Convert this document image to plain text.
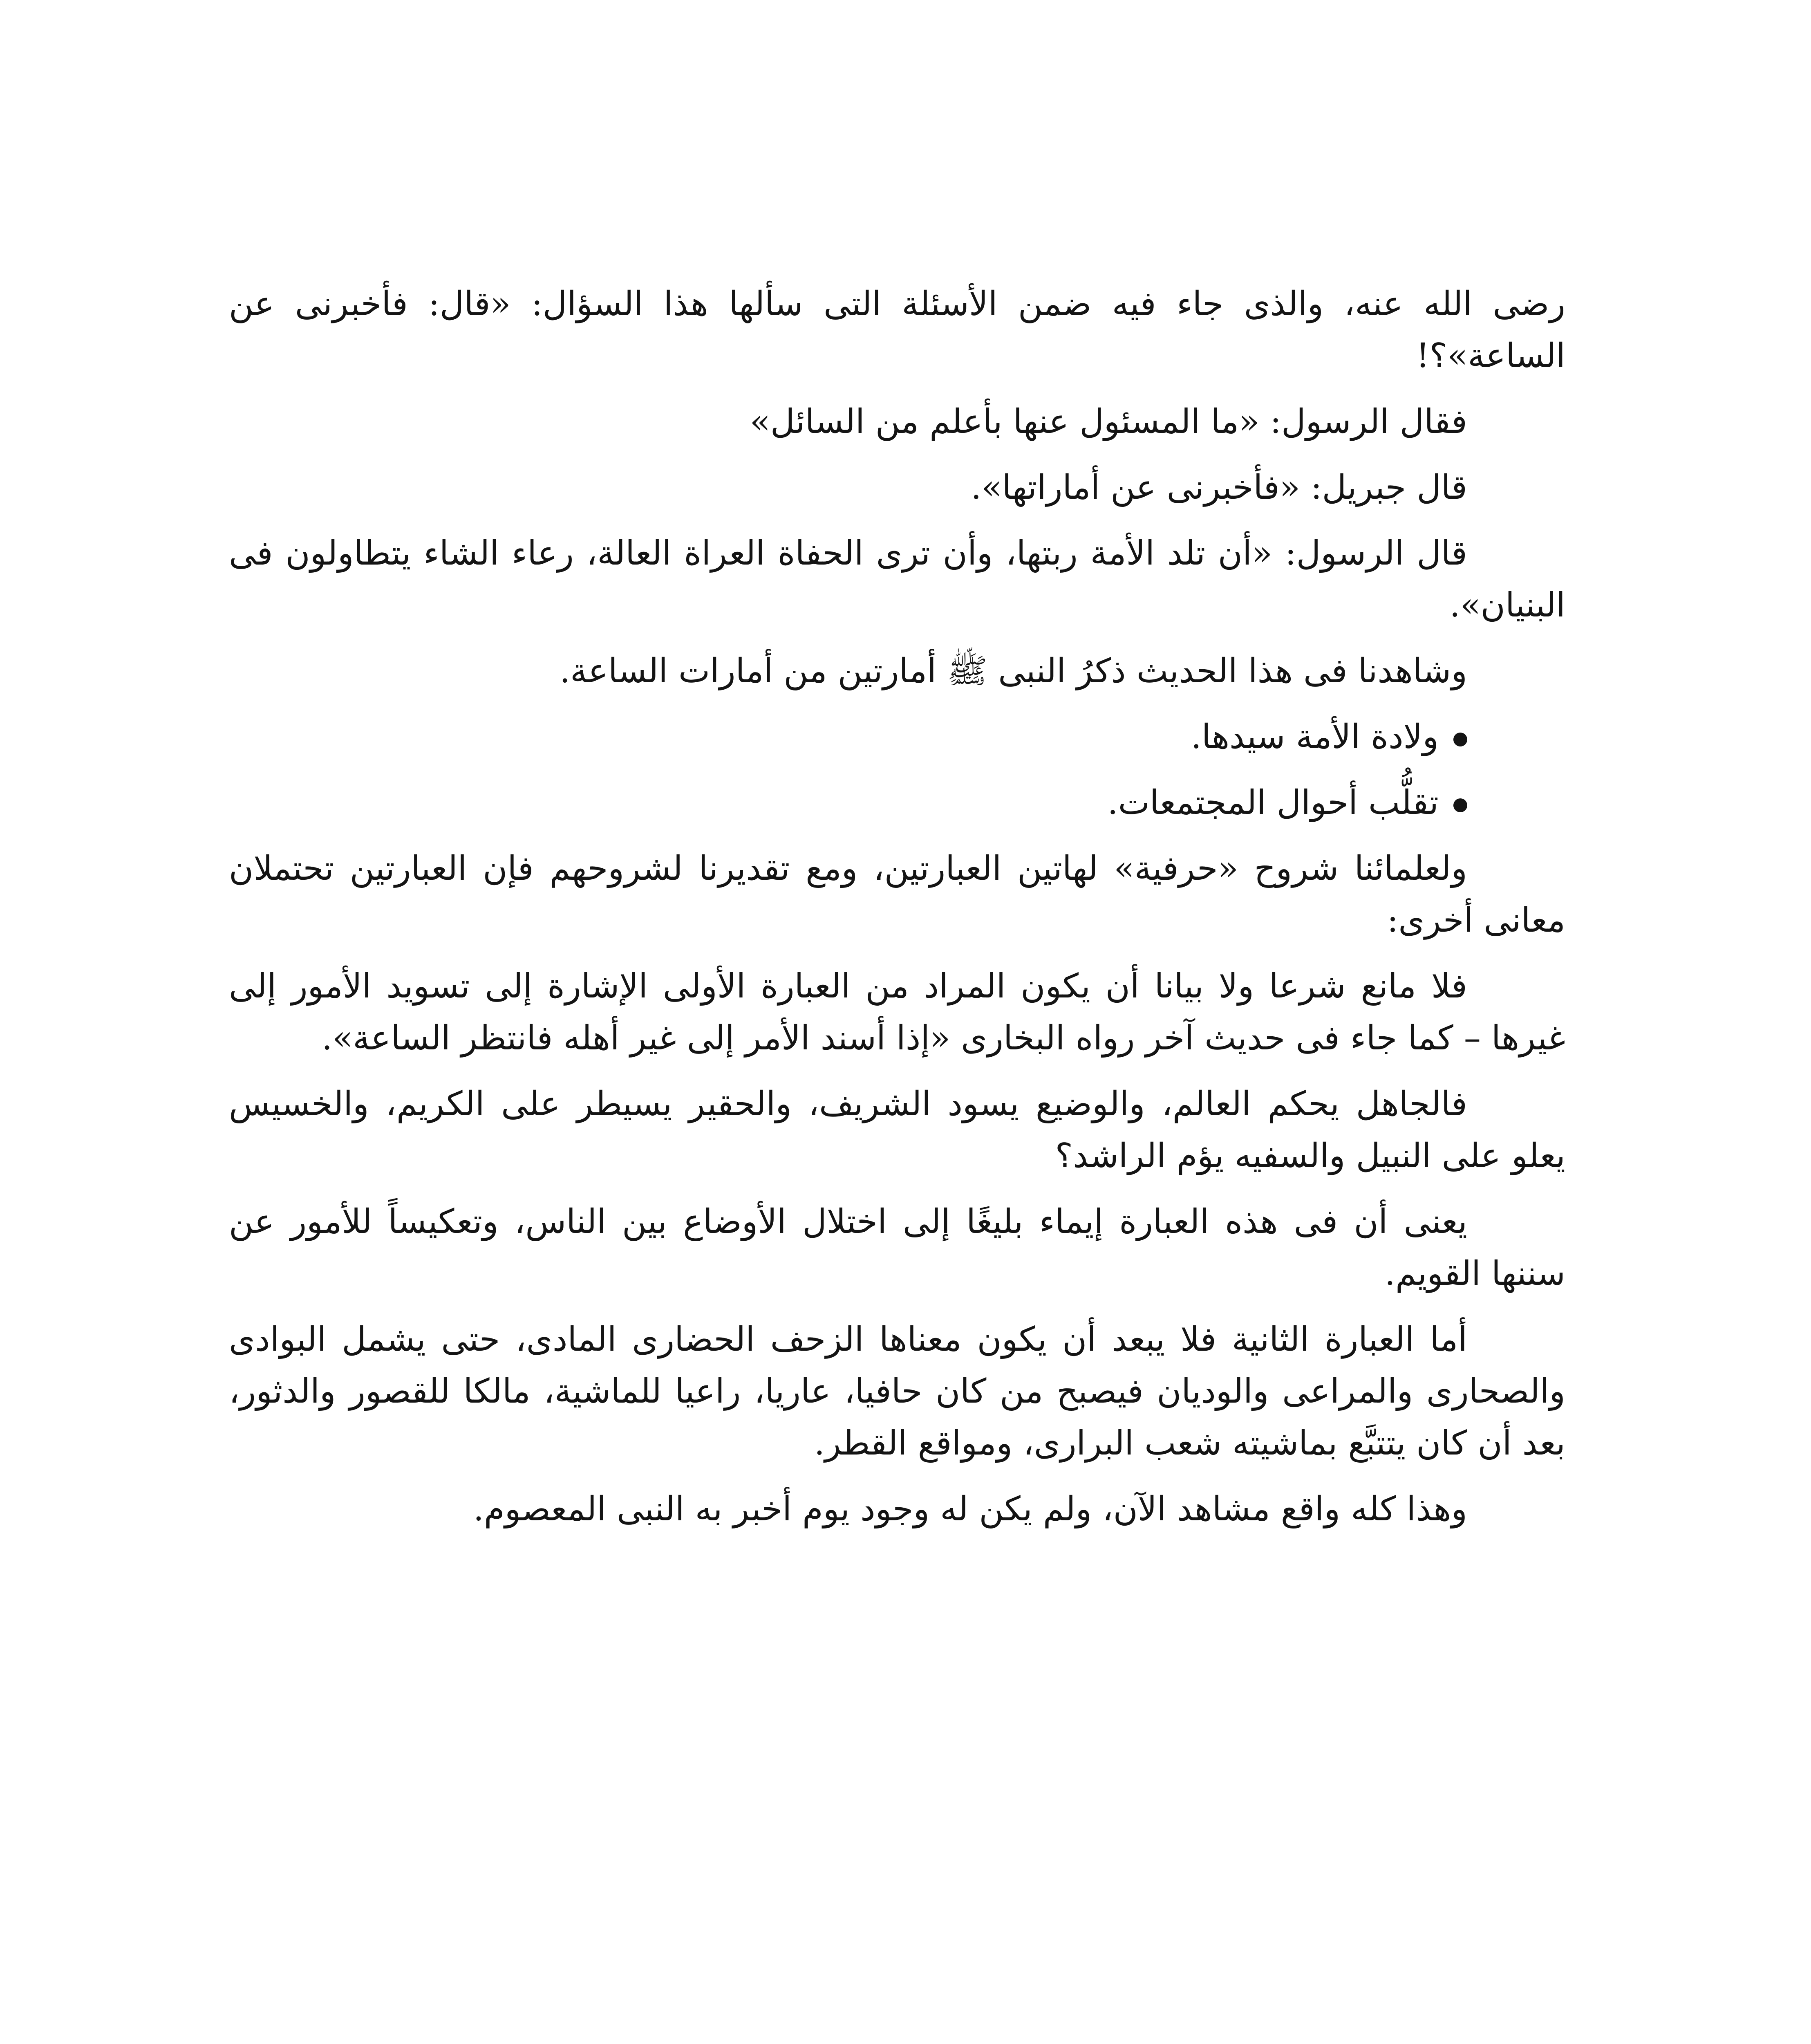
رضى الله عنه، والذى جاء فيه ضمن الأسئلة التى سألها هذا السؤال: «قال: فأخبرنى عن الساعة»؟!

فقال الرسول: «ما المسئول عنها بأعلم من السائل»

قال جبريل: «فأخبرنى عن أماراتها».

قال الرسول: «أن تلد الأمة ربتها، وأن ترى الحفاة العراة العالة، رعاء الشاء يتطاولون فى البنيان».

وشاهدنا فى هذا الحديث ذكرُ النبى ﷺ أمارتين من أمارات الساعة.

ولادة الأمة سيدها.

تقلُّب أحوال المجتمعات.

ولعلمائنا شروح «حرفية» لهاتين العبارتين، ومع تقديرنا لشروحهم فإن العبارتين تحتملان معانى أخرى:

فلا مانع شرعا ولا بيانا أن يكون المراد من العبارة الأولى الإشارة إلى تسويد الأمور إلى غيرها – كما جاء فى حديث آخر رواه البخارى «إذا أسند الأمر إلى غير أهله فانتظر الساعة».

فالجاهل يحكم العالم، والوضيع يسود الشريف، والحقير يسيطر على الكريم، والخسيس يعلو على النبيل والسفيه يؤم الراشد؟

يعنى أن فى هذه العبارة إيماء بليغًا إلى اختلال الأوضاع بين الناس، وتعكيساً للأمور عن سننها القويم.

أما العبارة الثانية فلا يبعد أن يكون معناها الزحف الحضارى المادى، حتى يشمل البوادى والصحارى والمراعى والوديان فيصبح من كان حافيا، عاريا، راعيا للماشية، مالكا للقصور والدثور، بعد أن كان يتتبَّع بماشيته شعب البرارى، ومواقع القطر.

وهذا كله واقع مشاهد الآن، ولم يكن له وجود يوم أخبر به النبى المعصوم.
